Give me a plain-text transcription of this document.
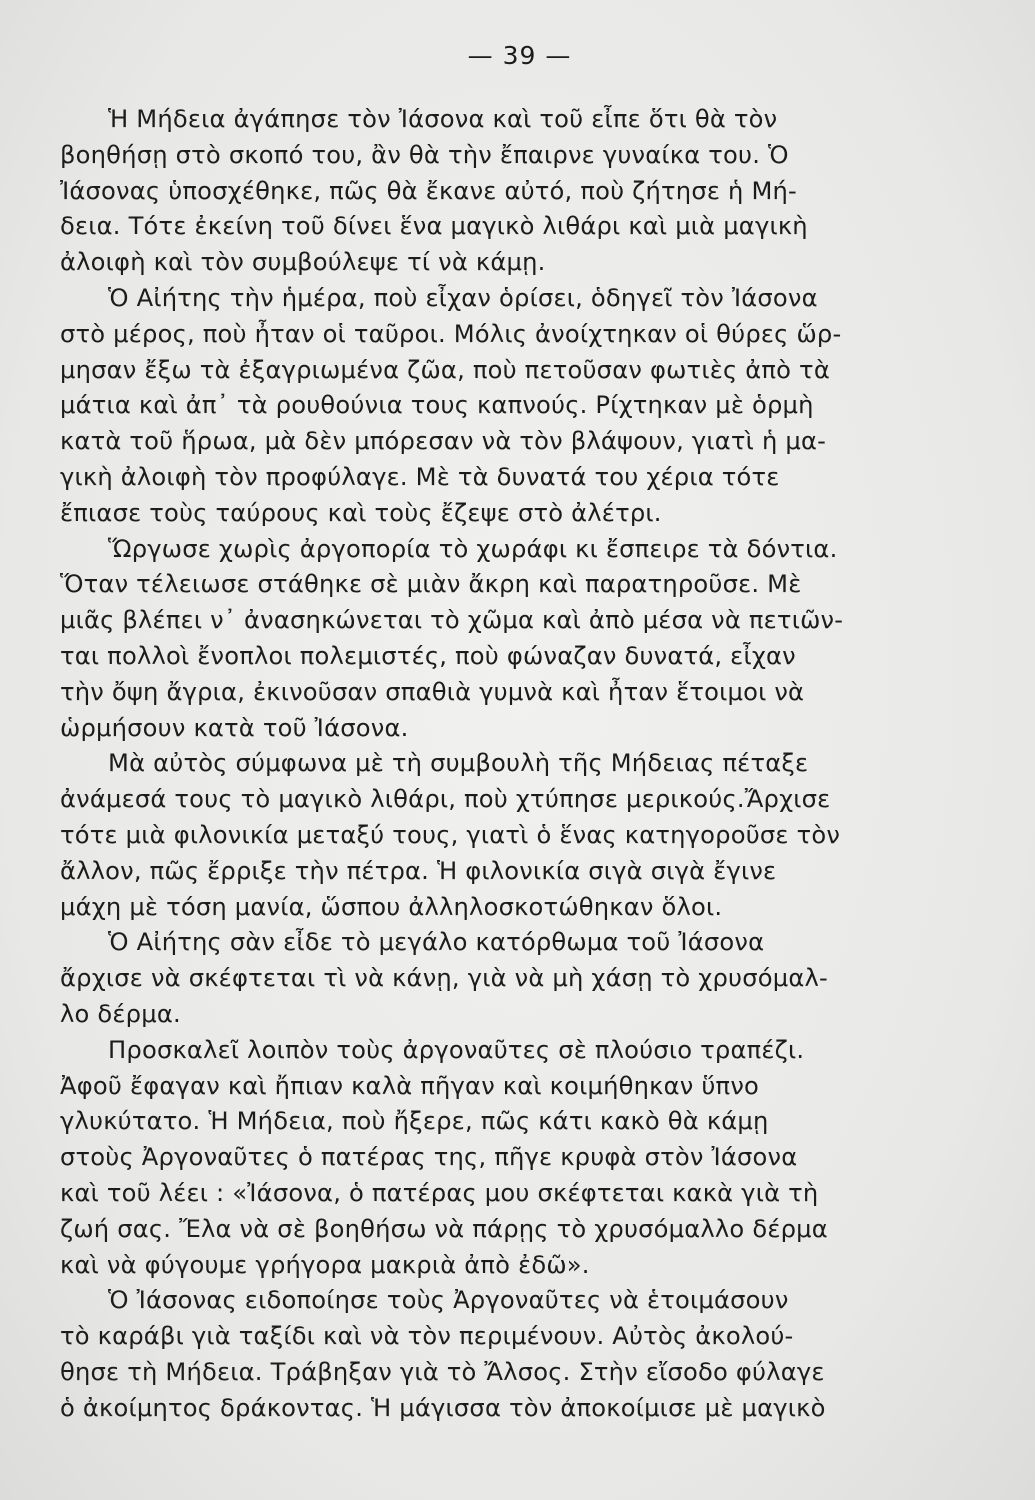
— 39 —

Ἡ Μήδεια ἀγάπησε τὸν Ἰάσονα καὶ τοῦ εἶπε ὅτι θὰ τὸν
βοηθήσῃ στὸ σκοπό του, ἂν θὰ τὴν ἔπαιρνε γυναίκα του. Ὁ
Ἰάσονας ὑποσχέθηκε, πῶς θὰ ἔκανε αὐτό, ποὺ ζήτησε ἡ Μή-
δεια. Τότε ἐκείνη τοῦ δίνει ἕνα μαγικὸ λιθάρι καὶ μιὰ μαγικὴ
ἀλοιφὴ καὶ τὸν συμβούλεψε τί νὰ κάμῃ.

Ὁ Αἰήτης τὴν ἡμέρα, ποὺ εἶχαν ὁρίσει, ὁδηγεῖ τὸν Ἰάσονα
στὸ μέρος, ποὺ ἦταν οἱ ταῦροι. Μόλις ἀνοίχτηκαν οἱ θύρες ὥρ-
μησαν ἔξω τὰ ἐξαγριωμένα ζῶα, ποὺ πετοῦσαν φωτιὲς ἀπὸ τὰ
μάτια καὶ ἀπ᾿ τὰ ρουθούνια τους καπνούς. Ρίχτηκαν μὲ ὁρμὴ
κατὰ τοῦ ἥρωα, μὰ δὲν μπόρεσαν νὰ τὸν βλάψουν, γιατὶ ἡ μα-
γικὴ ἀλοιφὴ τὸν προφύλαγε. Μὲ τὰ δυνατά του χέρια τότε
ἔπιασε τοὺς ταύρους καὶ τοὺς ἔζεψε στὸ ἀλέτρι.

Ὥργωσε χωρὶς ἀργοπορία τὸ χωράφι κι ἔσπειρε τὰ δόντια.
Ὅταν τέλειωσε στάθηκε σὲ μιὰν ἄκρη καὶ παρατηροῦσε. Μὲ
μιᾶς βλέπει ν᾿ ἀνασηκώνεται τὸ χῶμα καὶ ἀπὸ μέσα νὰ πετιῶν-
ται πολλοὶ ἔνοπλοι πολεμιστές, ποὺ φώναζαν δυνατά, εἶχαν
τὴν ὄψη ἄγρια, ἐκινοῦσαν σπαθιὰ γυμνὰ καὶ ἦταν ἕτοιμοι νὰ
ὡρμήσουν κατὰ τοῦ Ἰάσονα.

Μὰ αὐτὸς σύμφωνα μὲ τὴ συμβουλὴ τῆς Μήδειας πέταξε
ἀνάμεσά τους τὸ μαγικὸ λιθάρι, ποὺ χτύπησε μερικούς.Ἄρχισε
τότε μιὰ φιλονικία μεταξύ τους, γιατὶ ὁ ἕνας κατηγοροῦσε τὸν
ἄλλον, πῶς ἔρριξε τὴν πέτρα. Ἡ φιλονικία σιγὰ σιγὰ ἔγινε
μάχη μὲ τόση μανία, ὥσπου ἀλληλοσκοτώθηκαν ὅλοι.

Ὁ Αἰήτης σὰν εἶδε τὸ μεγάλο κατόρθωμα τοῦ Ἰάσονα
ἄρχισε νὰ σκέφτεται τὶ νὰ κάνῃ, γιὰ νὰ μὴ χάσῃ τὸ χρυσόμαλ-
λο δέρμα.

Προσκαλεῖ λοιπὸν τοὺς ἀργοναῦτες σὲ πλούσιο τραπέζι.
Ἀφοῦ ἔφαγαν καὶ ἤπιαν καλὰ πῆγαν καὶ κοιμήθηκαν ὕπνο
γλυκύτατο. Ἡ Μήδεια, ποὺ ἤξερε, πῶς κάτι κακὸ θὰ κάμῃ
στοὺς Ἀργοναῦτες ὁ πατέρας της, πῆγε κρυφὰ στὸν Ἰάσονα
καὶ τοῦ λέει : «Ἰάσονα, ὁ πατέρας μου σκέφτεται κακὰ γιὰ τὴ
ζωή σας. Ἔλα νὰ σὲ βοηθήσω νὰ πάρῃς τὸ χρυσόμαλλο δέρμα
καὶ νὰ φύγουμε γρήγορα μακριὰ ἀπὸ ἐδῶ».

Ὁ Ἰάσονας ειδοποίησε τοὺς Ἀργοναῦτες νὰ ἑτοιμάσουν
τὸ καράβι γιὰ ταξίδι καὶ νὰ τὸν περιμένουν. Αὐτὸς ἀκολού-
θησε τὴ Μήδεια. Τράβηξαν γιὰ τὸ Ἄλσος. Στὴν εἴσοδο φύλαγε
ὁ ἀκοίμητος δράκοντας. Ἡ μάγισσα τὸν ἀποκοίμισε μὲ μαγικὸ
